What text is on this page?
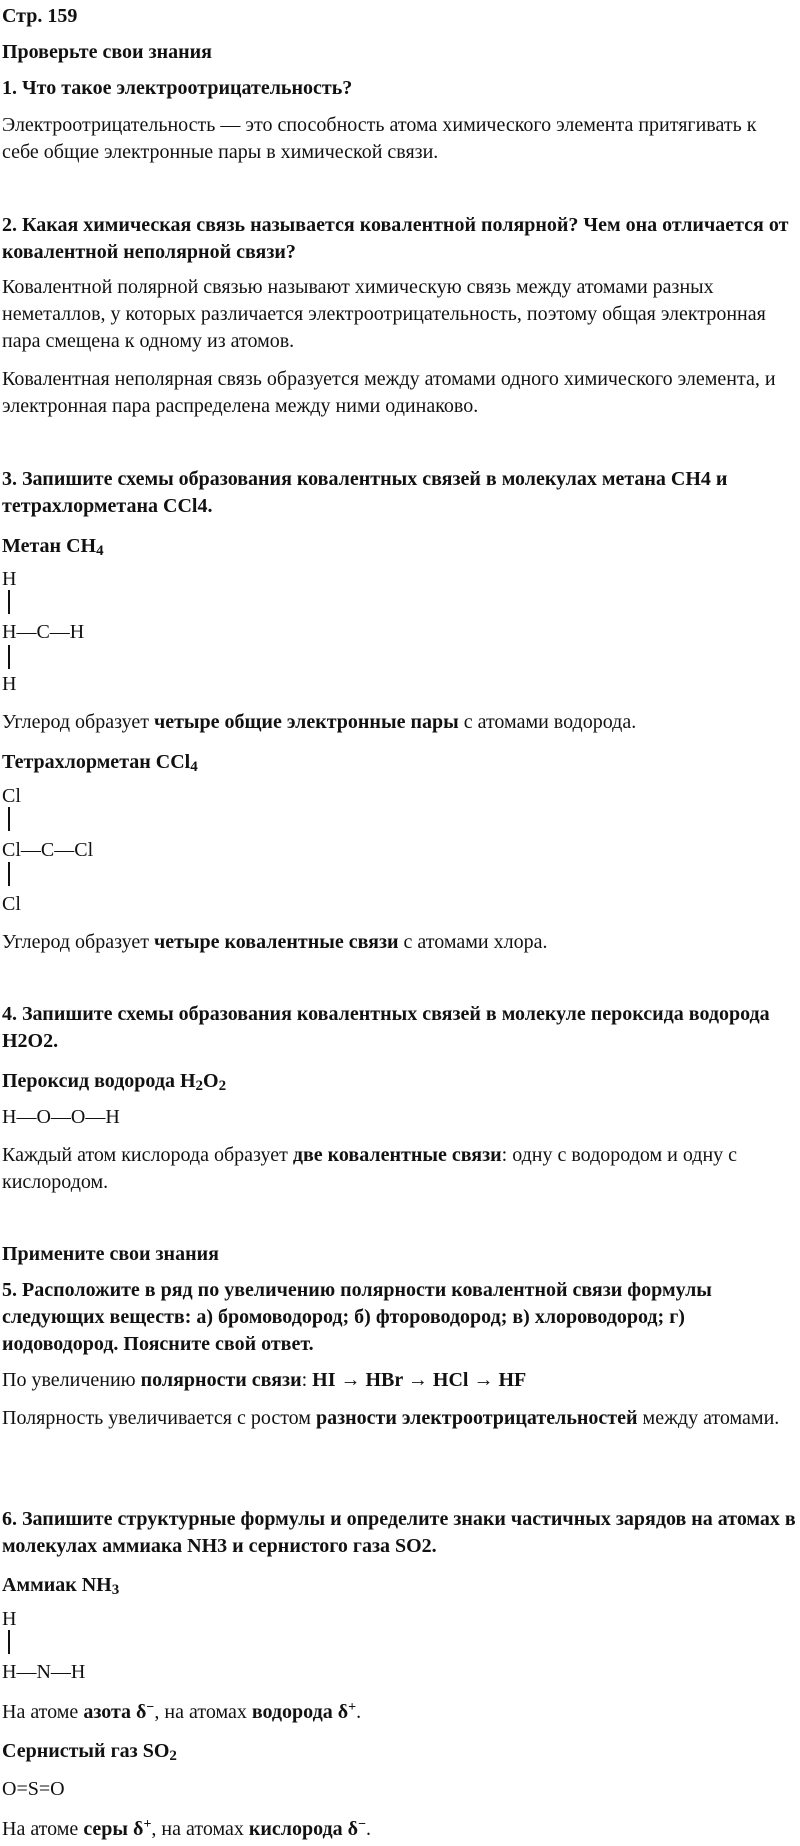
Стр. 159
Проверьте свои знания
1. Что такое электроотрицательность?
Электроотрицательность — это способность атома химического элемента притягивать к себе общие электронные пары в химической связи.
2. Какая химическая связь называется ковалентной полярной? Чем она отличается от ковалентной неполярной связи?
Ковалентной полярной связью называют химическую связь между атомами разных неметаллов, у которых различается электроотрицательность, поэтому общая электронная пара смещена к одному из атомов.
Ковалентная неполярная связь образуется между атомами одного химического элемента, и электронная пара распределена между ними одинаково.
3. Запишите схемы образования ковалентных связей в молекулах метана CH4 и тетрахлорметана CCl4.
Метан $CH_4$
H
H—C—H
H
Углерод образует четыре общие электронные пары с атомами водорода.
Тетрахлорметан CCl$_4$
Cl
Cl—C—Cl
Cl
Углерод образует четыре ковалентные связи с атомами хлора.
4. Запишите схемы образования ковалентных связей в молекуле пероксида водорода H2O2.
Пероксид водорода $H_2O_2$
H—O—O—H
Каждый атом кислорода образует две ковалентные связи: одну с водородом и одну с кислородом.
Примените свои знания
5. Расположите в ряд по увеличению полярности ковалентной связи формулы следующих веществ: а) бромоводород; б) фтороводород; в) хлороводород; г) иодоводород. Поясните свой ответ.
По увеличению полярности связи: HI → HBr → HCl → HF
Полярность увеличивается с ростом разности электроотрицательностей между атомами.
6. Запишите структурные формулы и определите знаки частичных зарядов на атомах в молекулах аммиака NH3 и сернистого газа SO2.
Аммиак $NH_3$
H
H—N—H
На атоме азота δ−, на атомах водорода δ+.
Сернистый газ $SO_2$
O=S=O
На атоме серы δ+, на атомах кислорода δ−.
